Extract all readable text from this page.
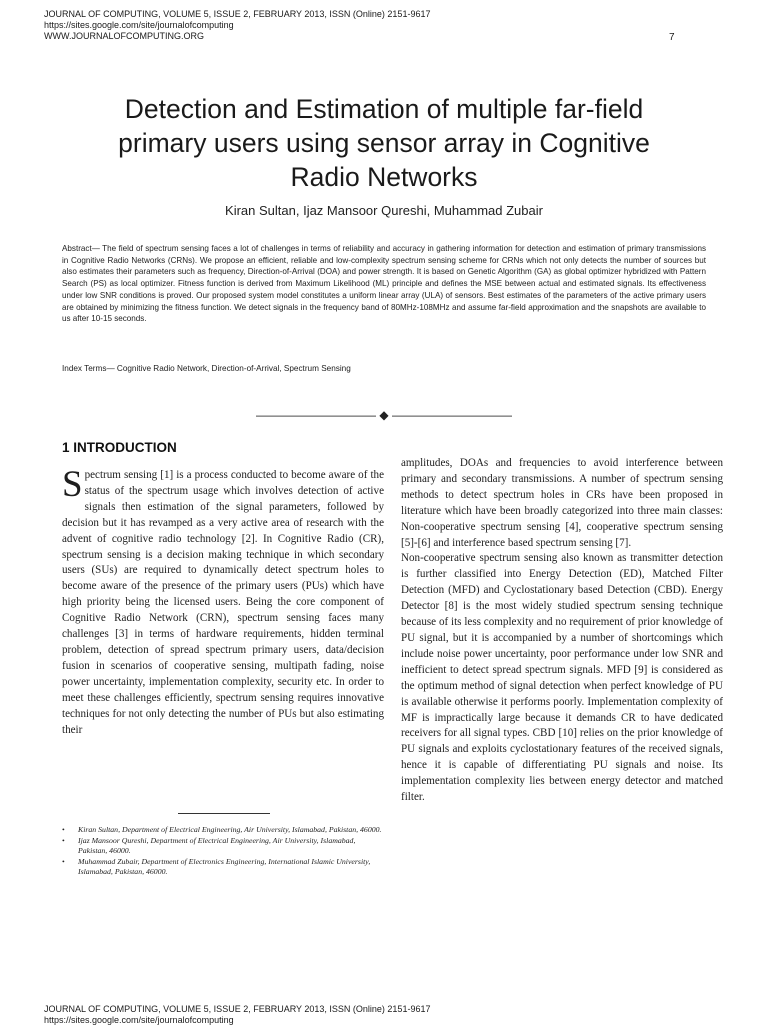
JOURNAL OF COMPUTING, VOLUME 5, ISSUE 2, FEBRUARY 2013, ISSN (Online) 2151-9617
https://sites.google.com/site/journalofcomputing
WWW.JOURNALOFCOMPUTING.ORG	7
Detection and Estimation of multiple far-field
primary users using sensor array in Cognitive
Radio Networks
Kiran Sultan, Ijaz Mansoor Qureshi, Muhammad Zubair
Abstract— The field of spectrum sensing faces a lot of challenges in terms of reliability and accuracy in gathering information for detection and estimation of primary transmissions in Cognitive Radio Networks (CRNs). We propose an efficient, reliable and low-complexity spectrum sensing scheme for CRNs which not only detects the number of sources but also estimates their parameters such as frequency, Direction-of-Arrival (DOA) and power strength. It is based on Genetic Algorithm (GA) as global optimizer hybridized with Pattern Search (PS) as local optimizer. Fitness function is derived from Maximum Likelihood (ML) principle and defines the MSE between actual and estimated signals. Its effectiveness under low SNR conditions is proved. Our proposed system model constitutes a uniform linear array (ULA) of sensors. Best estimates of the parameters of the active primary users are obtained by minimizing the fitness function. We detect signals in the frequency band of 80MHz-108MHz and assume far-field approximation and the snapshots are available to us after 10-15 seconds.
Index Terms— Cognitive Radio Network, Direction-of-Arrival, Spectrum Sensing
—————————— ◆ ——————————
1 INTRODUCTION
Spectrum sensing [1] is a process conducted to become aware of the status of the spectrum usage which involves detection of active signals then estimation of the signal parameters, followed by decision but it has revamped as a very active area of research with the advent of cognitive radio technology [2]. In Cognitive Radio (CR), spectrum sensing is a decision making technique in which secondary users (SUs) are required to dynamically detect spectrum holes to become aware of the presence of the primary users (PUs) which have high priority being the licensed users. Being the core component of Cognitive Radio Network (CRN), spectrum sensing faces many challenges [3] in terms of hardware requirements, hidden terminal problem, detection of spread spectrum primary users, data/decision fusion in scenarios of cooperative sensing, multipath fading, noise power uncertainty, implementation complexity, security etc. In order to meet these challenges efficiently, spectrum sensing requires innovative techniques for not only detecting the number of PUs but also estimating their
• Kiran Sultan, Department of Electrical Engineering, Air University, Islamabad, Pakistan, 46000.
• Ijaz Mansoor Qureshi, Department of Electrical Engineering, Air University, Islamabad, Pakistan, 46000.
• Muhammad Zubair, Department of Electronics Engineering, International Islamic University, Islamabad, Pakistan, 46000.
amplitudes, DOAs and frequencies to avoid interference between primary and secondary transmissions. A number of spectrum sensing methods to detect spectrum holes in CRs have been proposed in literature which have been broadly categorized into three main classes: Non-cooperative spectrum sensing [4], cooperative spectrum sensing [5]-[6] and interference based spectrum sensing [7].
Non-cooperative spectrum sensing also known as transmitter detection is further classified into Energy Detection (ED), Matched Filter Detection (MFD) and Cyclostationary based Detection (CBD). Energy Detector [8] is the most widely studied spectrum sensing technique because of its less complexity and no requirement of prior knowledge of PU signal, but it is accompanied by a number of shortcomings which include noise power uncertainty, poor performance under low SNR and inefficient to detect spread spectrum signals. MFD [9] is considered as the optimum method of signal detection when perfect knowledge of PU is available otherwise it performs poorly. Implementation complexity of MF is impractically large because it demands CR to have dedicated receivers for all signal types. CBD [10] relies on the prior knowledge of PU signals and exploits cyclostationary features of the received signals, hence it is capable of differentiating PU signals and noise. Its implementation complexity lies between energy detector and matched filter.
JOURNAL OF COMPUTING, VOLUME 5, ISSUE 2, FEBRUARY 2013, ISSN (Online) 2151-9617
https://sites.google.com/site/journalofcomputing
